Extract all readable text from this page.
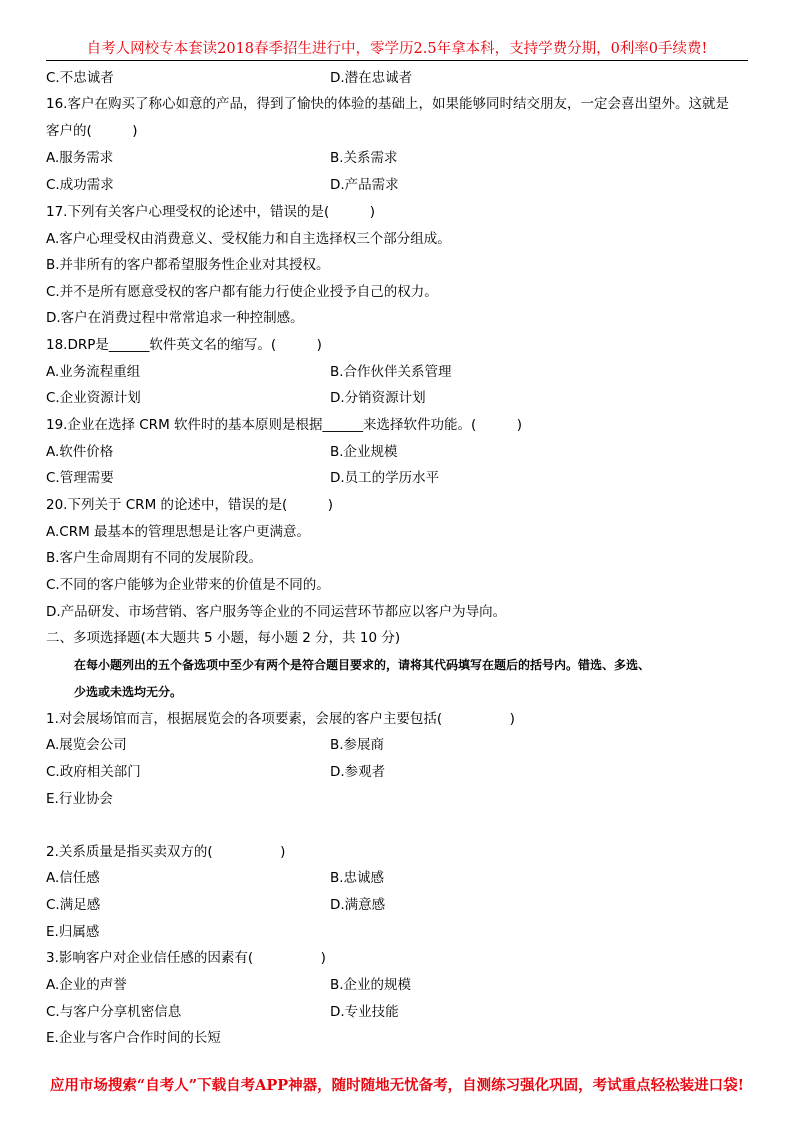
自考人网校专本套读2018春季招生进行中，零学历2.5年拿本科，支持学费分期，0利率0手续费!
C.不忠诚者	D.潜在忠诚者
16.客户在购买了称心如意的产品，得到了愉快的体验的基础上，如果能够同时结交朋友，一定会喜出望外。这就是
客户的(　　　)
A.服务需求	B.关系需求
C.成功需求	D.产品需求
17.下列有关客户心理受权的论述中，错误的是(　　　)
A.客户心理受权由消费意义、受权能力和自主选择权三个部分组成。
B.并非所有的客户都希望服务性企业对其授权。
C.并不是所有愿意受权的客户都有能力行使企业授予自己的权力。
D.客户在消费过程中常常追求一种控制感。
18.DRP是______软件英文名的缩写。(　　　)
A.业务流程重组	B.合作伙伴关系管理
C.企业资源计划	D.分销资源计划
19.企业在选择 CRM 软件时的基本原则是根据______来选择软件功能。(　　　)
A.软件价格	B.企业规模
C.管理需要	D.员工的学历水平
20.下列关于 CRM 的论述中，错误的是(　　　)
A.CRM 最基本的管理思想是让客户更满意。
B.客户生命周期有不同的发展阶段。
C.不同的客户能够为企业带来的价值是不同的。
D.产品研发、市场营销、客户服务等企业的不同运营环节都应以客户为导向。
二、多项选择题(本大题共 5 小题，每小题 2 分，共 10 分)
在每小题列出的五个备选项中至少有两个是符合题目要求的，请将其代码填写在题后的括号内。错选、多选、
少选或未选均无分。
1.对会展场馆而言，根据展览会的各项要素，会展的客户主要包括(　　　　　)
A.展览会公司	B.参展商
C.政府相关部门	D.参观者
E.行业协会
2.关系质量是指买卖双方的(　　　　　)
A.信任感	B.忠诚感
C.满足感	D.满意感
E.归属感
3.影响客户对企业信任感的因素有(　　　　　)
A.企业的声誉	B.企业的规模
C.与客户分享机密信息	D.专业技能
E.企业与客户合作时间的长短
应用市场搜索“自考人”下载自考APP神器，随时随地无忧备考，自测练习强化巩固，考试重点轻松装进口袋!
